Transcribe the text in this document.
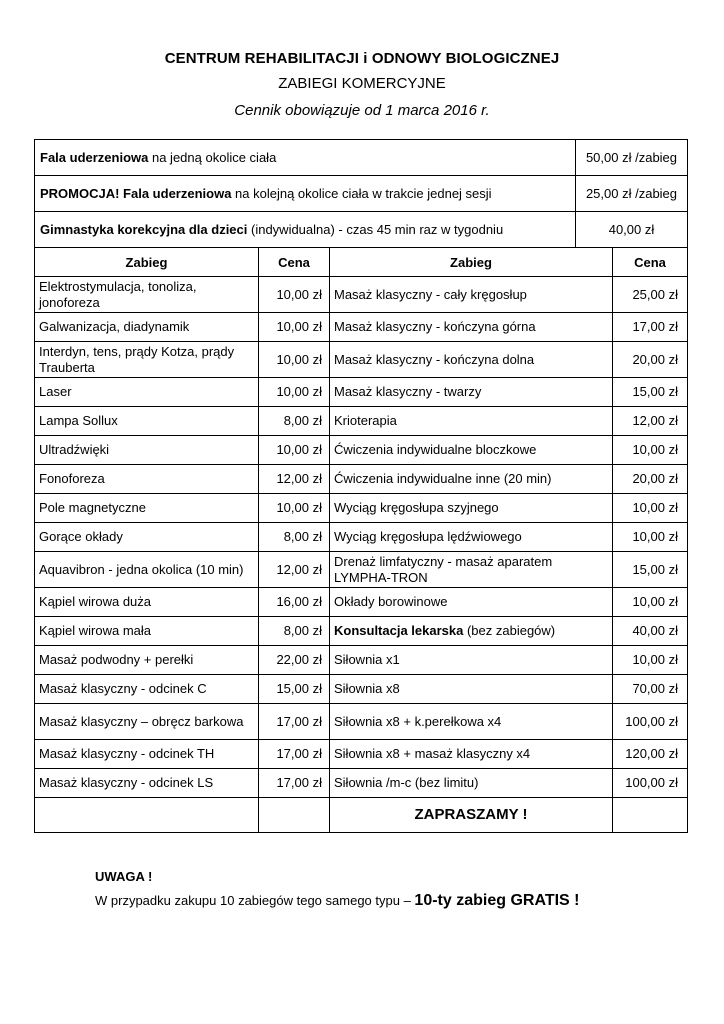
CENTRUM REHABILITACJI i ODNOWY BIOLOGICZNEJ
ZABIEGI KOMERCYJNE
Cennik obowiązuje od 1 marca 2016 r.
Fala uderzeniowa na jedną okolice ciała	50,00 zł /zabieg
PROMOCJA! Fala uderzeniowa na kolejną okolice ciała w trakcie jednej sesji	25,00 zł /zabieg
Gimnastyka korekcyjna dla dzieci (indywidualna) - czas 45 min raz w tygodniu	40,00 zł
Zabieg	Cena	Zabieg	Cena
Elektrostymulacja, tonoliza, jonoforeza	10,00 zł	Masaż klasyczny - cały kręgosłup	25,00 zł
Galwanizacja, diadynamik	10,00 zł	Masaż klasyczny - kończyna górna	17,00 zł
Interdyn, tens, prądy Kotza, prądy Trauberta	10,00 zł	Masaż klasyczny - kończyna dolna	20,00 zł
Laser	10,00 zł	Masaż klasyczny - twarzy	15,00 zł
Lampa Sollux	8,00 zł	Krioterapia	12,00 zł
Ultradźwięki	10,00 zł	Ćwiczenia indywidualne bloczkowe	10,00 zł
Fonoforeza	12,00 zł	Ćwiczenia indywidualne inne (20 min)	20,00 zł
Pole magnetyczne	10,00 zł	Wyciąg kręgosłupa szyjnego	10,00 zł
Gorące okłady	8,00 zł	Wyciąg kręgosłupa lędźwiowego	10,00 zł
Aquavibron - jedna okolica (10 min)	12,00 zł	Drenaż limfatyczny - masaż aparatem LYMPHA-TRON	15,00 zł
Kąpiel wirowa duża	16,00 zł	Okłady borowinowe	10,00 zł
Kąpiel wirowa mała	8,00 zł	Konsultacja lekarska (bez zabiegów)	40,00 zł
Masaż podwodny + perełki	22,00 zł	Siłownia x1	10,00 zł
Masaż klasyczny - odcinek C	15,00 zł	Siłownia x8	70,00 zł
Masaż klasyczny – obręcz barkowa	17,00 zł	Siłownia x8 + k.perełkowa x4	100,00 zł
Masaż klasyczny - odcinek TH	17,00 zł	Siłownia x8 + masaż klasyczny x4	120,00 zł
Masaż klasyczny - odcinek LS	17,00 zł	Siłownia /m-c (bez limitu)	100,00 zł
		ZAPRASZAMY !	
UWAGA !
W przypadku zakupu 10 zabiegów tego samego typu – 10-ty zabieg GRATIS !
